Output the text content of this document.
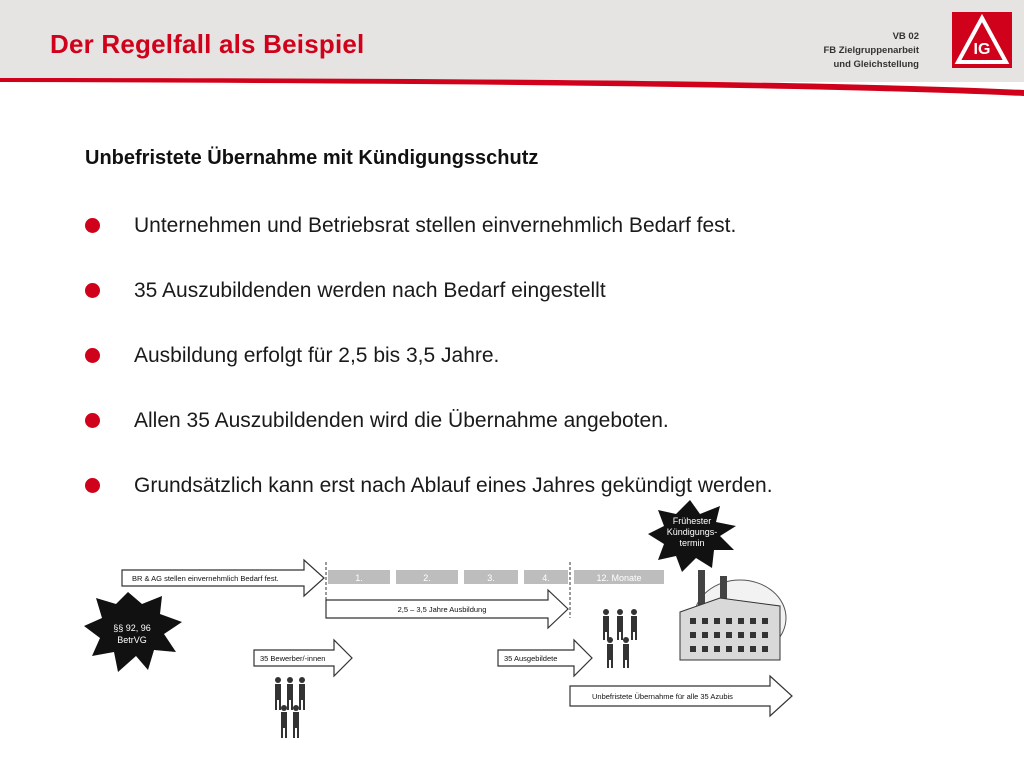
Der Regelfall als Beispiel	VB 02
FB Zielgruppenarbeit
und Gleichstellung
IG
Unbefristete Übernahme mit Kündigungsschutz
Unternehmen und Betriebsrat stellen einvernehmlich Bedarf fest.
35 Auszubildenden werden nach Bedarf eingestellt
Ausbildung erfolgt für 2,5 bis 3,5 Jahre.
Allen 35 Auszubildenden wird die Übernahme angeboten.
Grundsätzlich kann erst nach Ablauf eines Jahres gekündigt werden.
Frühester
Kündigungs-
termin
§§ 92, 96
BetrVG
BR & AG stellen einvernehmlich Bedarf fest.	1.	2.	3.	4.	12. Monate
2,5 – 3,5 Jahre Ausbildung
35 Bewerber/-innen	35 Ausgebildete
Unbefristete Übernahme für alle 35 Azubis
